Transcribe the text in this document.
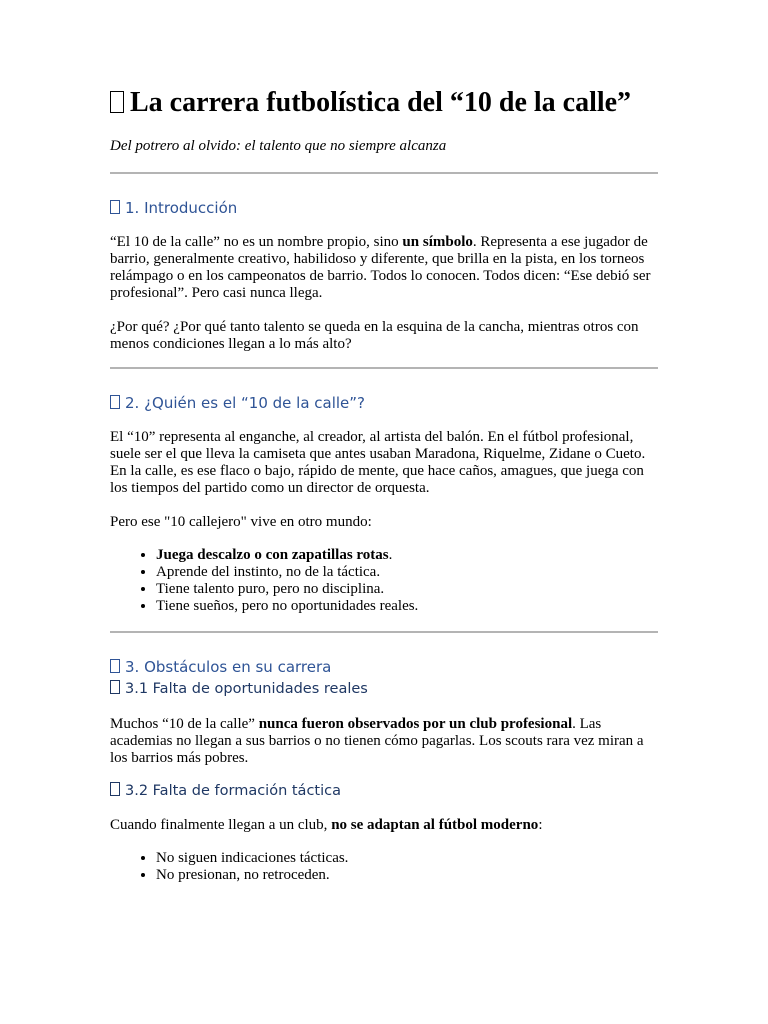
La carrera futbolística del “10 de la calle”

Del potrero al olvido: el talento que no siempre alcanza

1. Introducción

“El 10 de la calle” no es un nombre propio, sino un símbolo. Representa a ese jugador de barrio, generalmente creativo, habilidoso y diferente, que brilla en la pista, en los torneos relámpago o en los campeonatos de barrio. Todos lo conocen. Todos dicen: “Ese debió ser profesional”. Pero casi nunca llega.

¿Por qué? ¿Por qué tanto talento se queda en la esquina de la cancha, mientras otros con menos condiciones llegan a lo más alto?

2. ¿Quién es el “10 de la calle”?

El “10” representa al enganche, al creador, al artista del balón. En el fútbol profesional, suele ser el que lleva la camiseta que antes usaban Maradona, Riquelme, Zidane o Cueto. En la calle, es ese flaco o bajo, rápido de mente, que hace caños, amagues, que juega con los tiempos del partido como un director de orquesta.

Pero ese "10 callejero" vive en otro mundo:

• Juega descalzo o con zapatillas rotas.
• Aprende del instinto, no de la táctica.
• Tiene talento puro, pero no disciplina.
• Tiene sueños, pero no oportunidades reales.
3. Obstáculos en su carrera
3.1 Falta de oportunidades reales

Muchos “10 de la calle” nunca fueron observados por un club profesional. Las academias no llegan a sus barrios o no tienen cómo pagarlas. Los scouts rara vez miran a los barrios más pobres.

3.2 Falta de formación táctica

Cuando finalmente llegan a un club, no se adaptan al fútbol moderno:

• No siguen indicaciones tácticas.
• No presionan, no retroceden.
